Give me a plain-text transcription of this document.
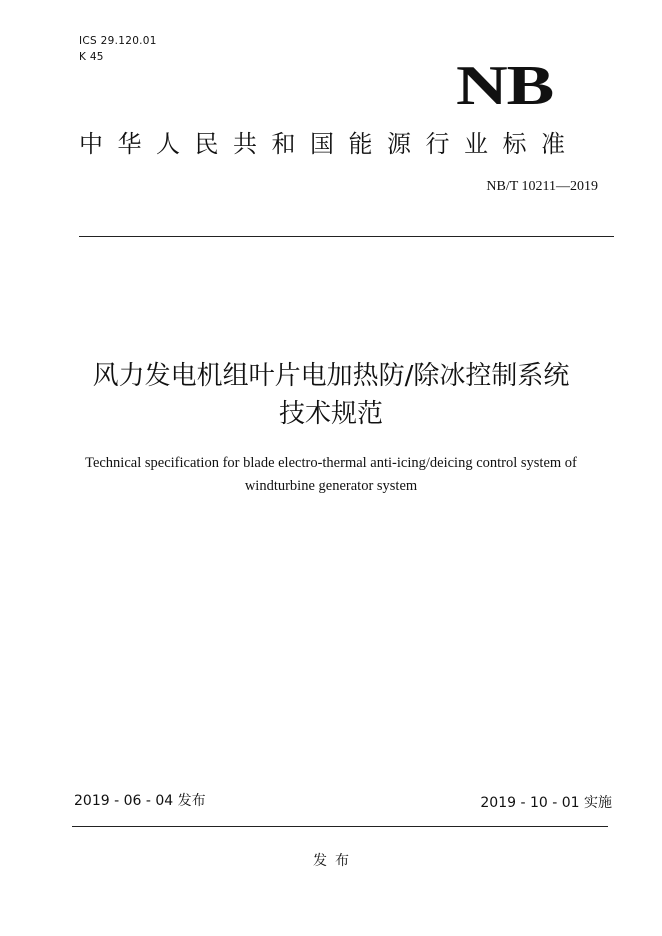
ICS 29.120.01
K 45	NB
中华人民共和国能源行业标准
NB/T 10211—2019
风力发电机组叶片电加热防/除冰控制系统
技术规范
Technical specification for blade electro-thermal anti-icing/deicing control system of
windturbine generator system
2019 - 06 - 04 发布	2019 - 10 - 01 实施
发布
